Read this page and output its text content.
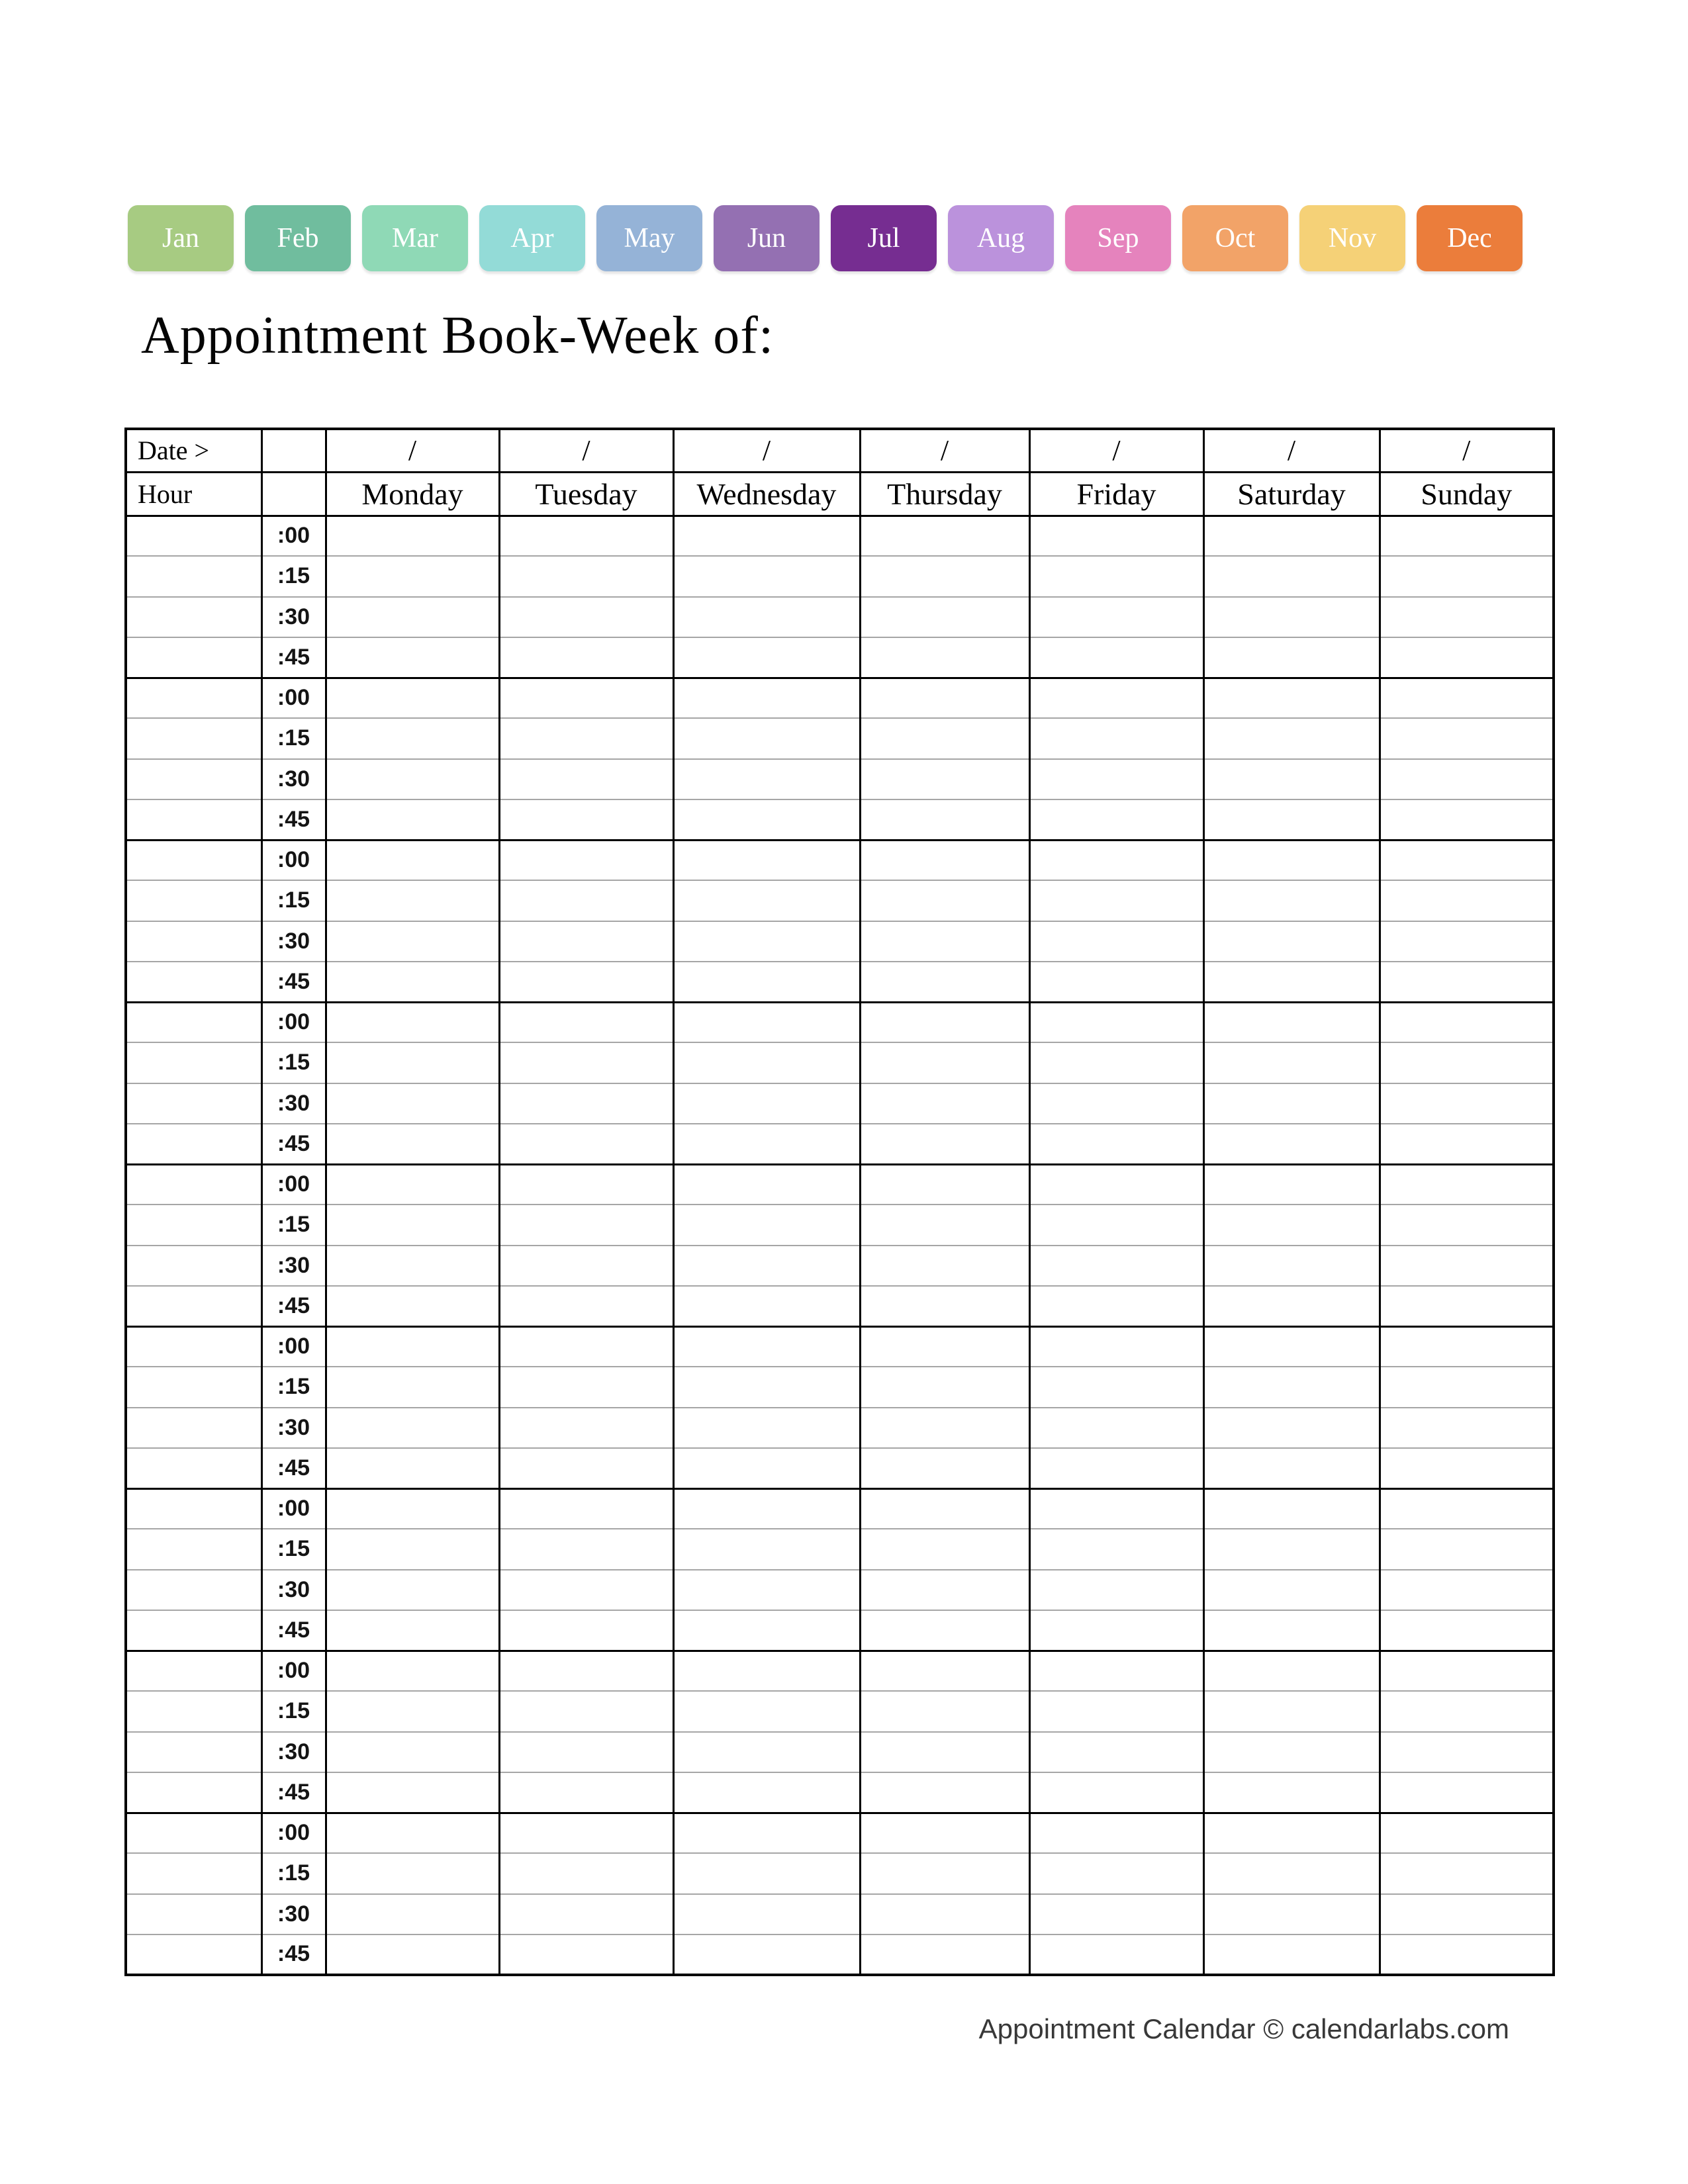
Jan	Feb	Mar	Apr	May	Jun	Jul	Aug	Sep	Oct	Nov	Dec
Appointment Book-Week of:
Date >		/	/	/	/	/	/	/
Hour		Monday	Tuesday	Wednesday	Thursday	Friday	Saturday	Sunday
	:00							
	:15							
	:30							
	:45							
	:00							
	:15							
	:30							
	:45							
	:00							
	:15							
	:30							
	:45							
	:00							
	:15							
	:30							
	:45							
	:00							
	:15							
	:30							
	:45							
	:00							
	:15							
	:30							
	:45							
	:00							
	:15							
	:30							
	:45							
	:00							
	:15							
	:30							
	:45							
	:00							
	:15							
	:30							
	:45							
Appointment Calendar © calendarlabs.com
